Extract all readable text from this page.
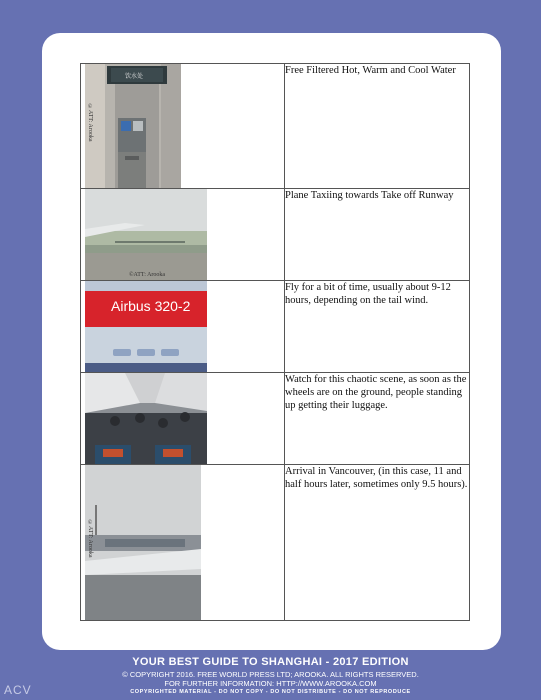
饮水处
©ATT: Arooka	Free Filtered Hot, Warm and Cool Water

©ATT: Arooka	Plane Taxiing towards Take off Runway

Airbus 320-2	Fly for a bit of time, usually about 9-12 hours, depending on the tail wind.

	Watch for this chaotic scene, as soon as the wheels are on the ground, people standing up getting their luggage.

©ATT: Arooka	Arrival in Vancouver, (in this case, 11 and half hours later, sometimes only 9.5 hours).
YOUR BEST GUIDE TO SHANGHAI - 2017 EDITION
© COPYRIGHT 2016. FREE WORLD PRESS LTD; AROOKA. ALL RIGHTS RESERVED.
FOR FURTHER INFORMATION: HTTP://WWW.AROOKA.COM
COPYRIGHTED MATERIAL - DO NOT COPY - DO NOT DISTRIBUTE - DO NOT REPRODUCE
ACV
